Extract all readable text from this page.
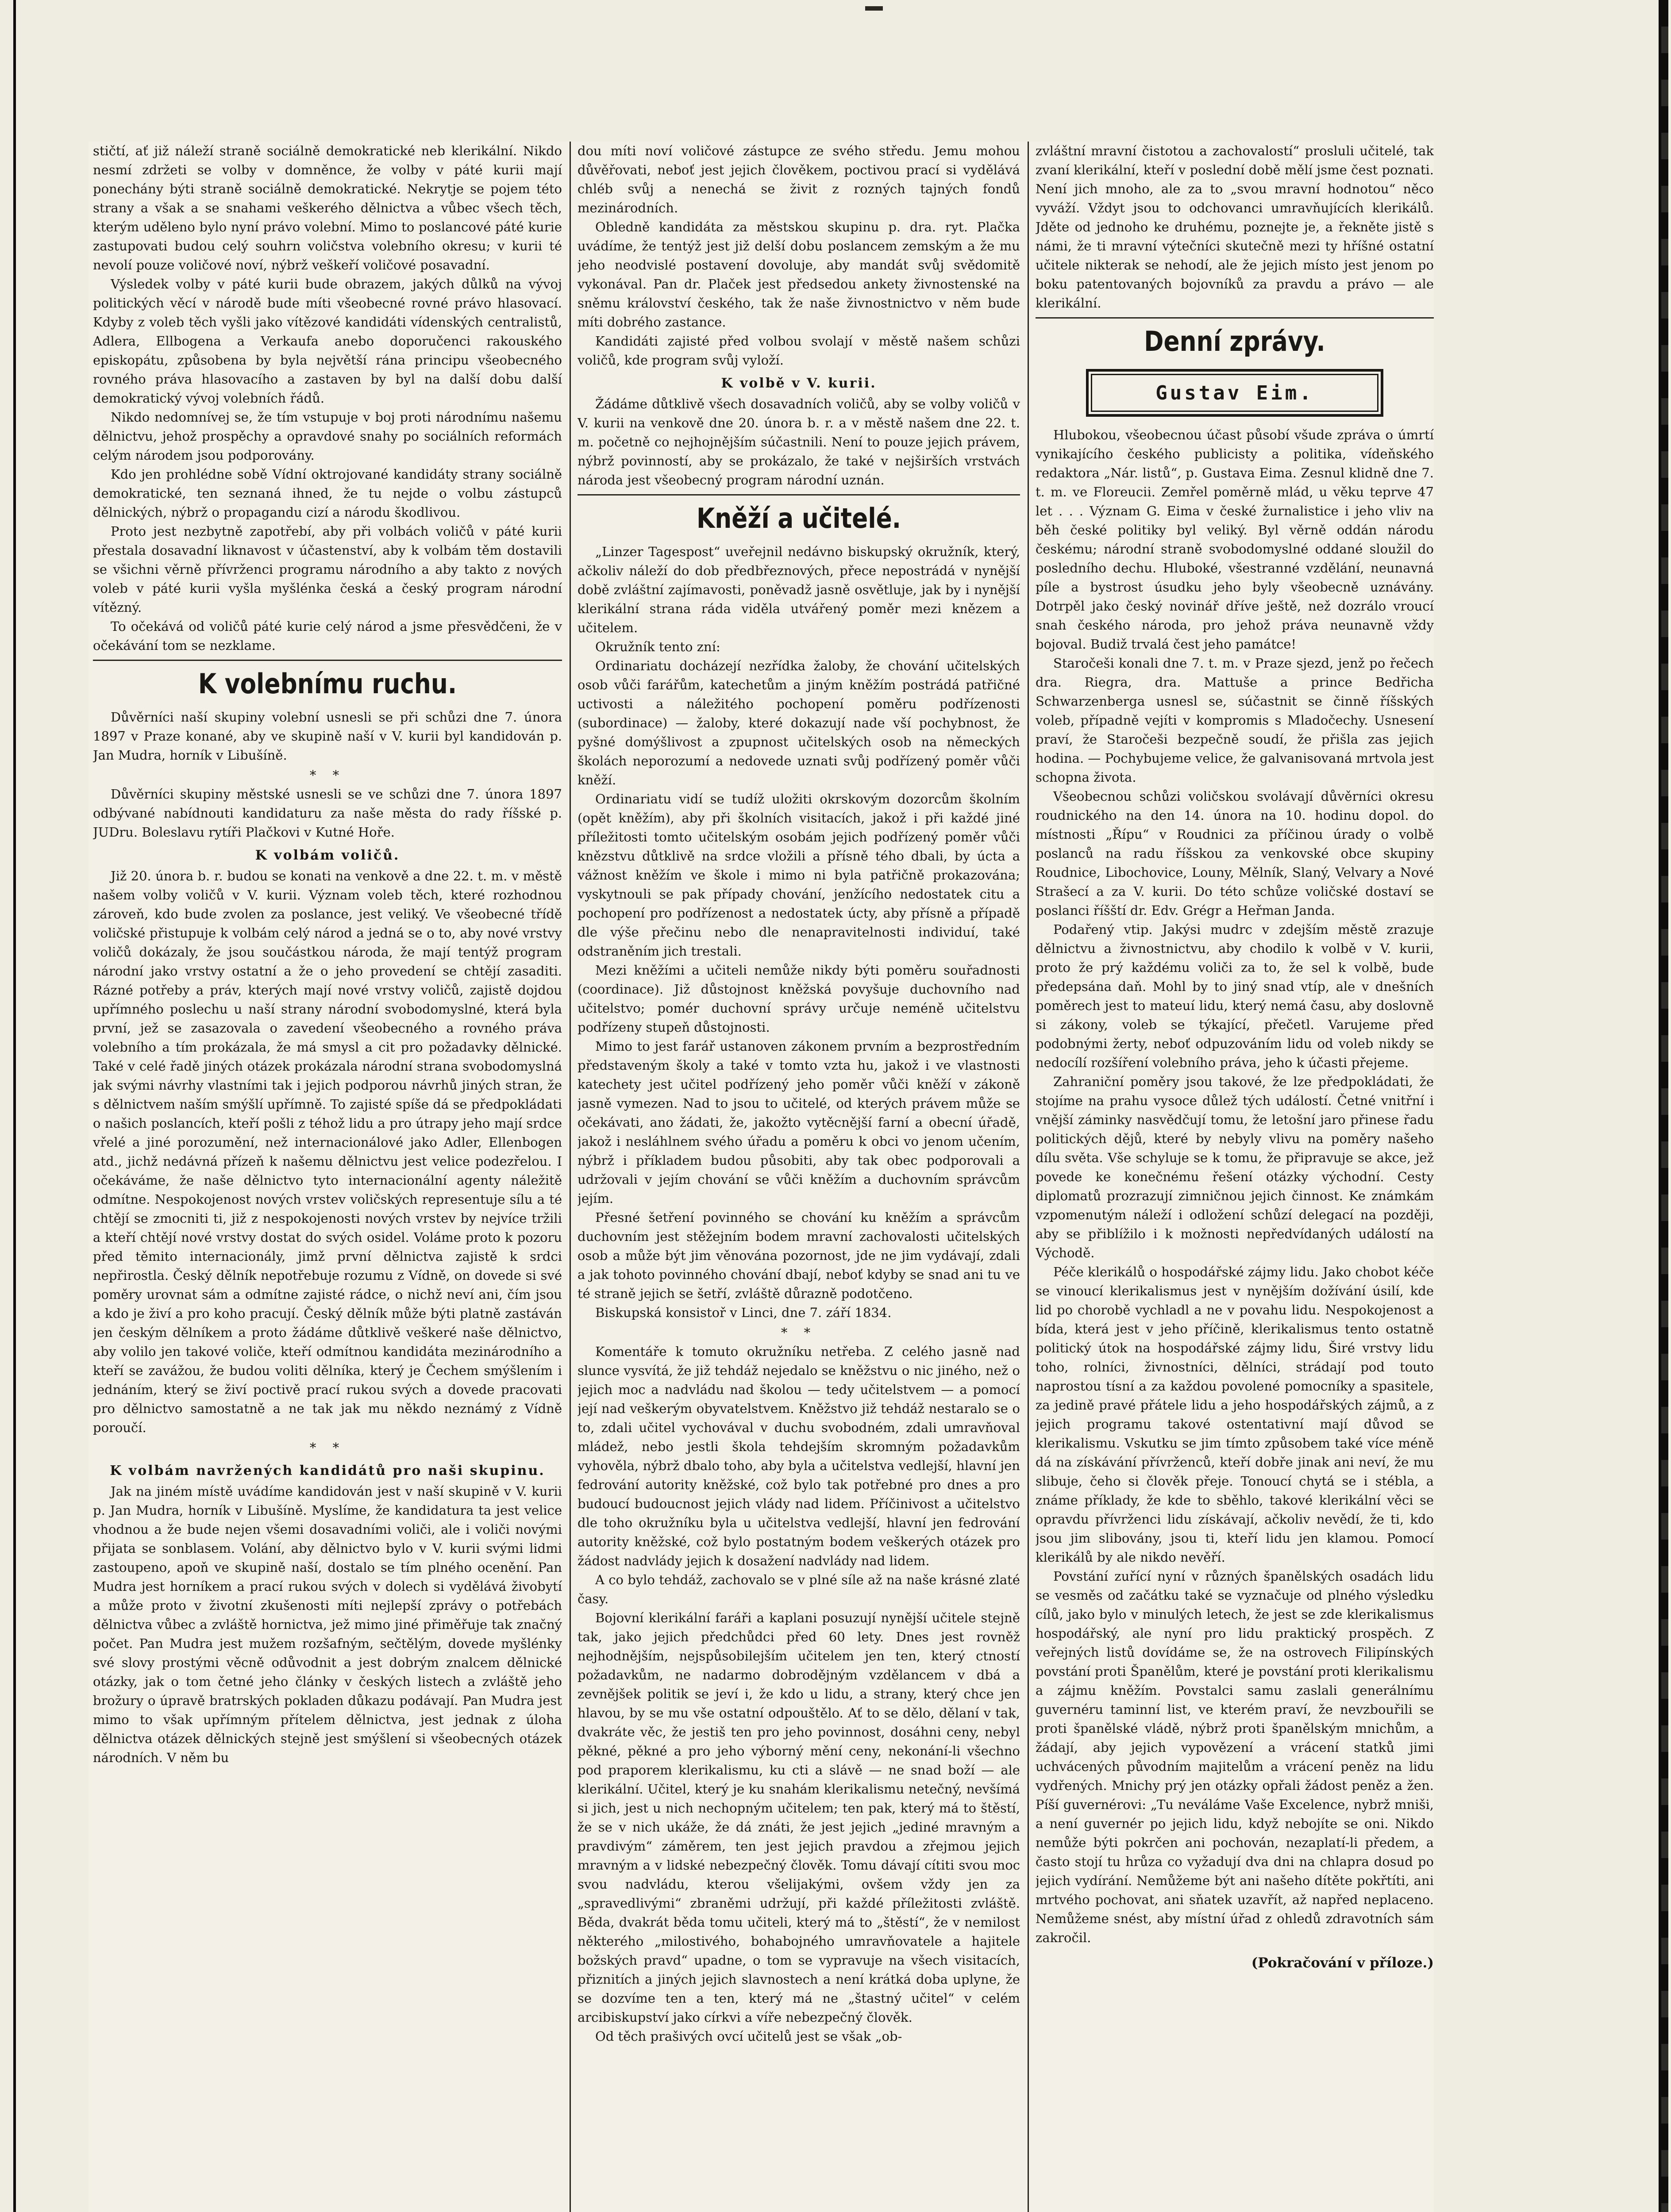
stičtí, ať již náleží straně sociálně demokratické neb klerikální. Nikdo nesmí zdržeti se volby v domněnce, že volby v páté kurii mají ponechány býti straně sociálně demokratické. Nekrytje se pojem této strany a však a se snahami veškerého dělnictva a vůbec všech těch, kterým uděleno bylo nyní právo volební. Mimo to poslancové páté kurie zastupovati budou celý souhrn voličstva volebního okresu; v kurii té nevolí pouze voličové noví, nýbrž veškeří voličové posavadní.

Výsledek volby v páté kurii bude obrazem, jakých důlků na vývoj politických věcí v národě bude míti všeobecné rovné právo hlasovací. Kdyby z voleb těch vyšli jako vítězové kandidáti vídenských centralistů, Adlera, Ellbogena a Verkaufa anebo doporučenci rakouského episkopátu, způsobena by byla největší rána principu všeobecného rovného práva hlasovacího a zastaven by byl na další dobu další demokratický vývoj volebních řádů.

Nikdo nedomnívej se, že tím vstupuje v boj proti národnímu našemu dělnictvu, jehož prospěchy a opravdové snahy po sociálních reformách celým národem jsou podporovány.

Kdo jen prohlédne sobě Vídní oktrojované kandidáty strany sociálně demokratické, ten seznaná ihned, že tu nejde o volbu zástupců dělnických, nýbrž o propagandu cizí a národu škodlivou.

Proto jest nezbytně zapotřebí, aby při volbách voličů v páté kurii přestala dosavadní liknavost v účastenství, aby k volbám těm dostavili se všichni věrně přívrženci programu národního a aby takto z nových voleb v páté kurii vyšla myšlénka česká a český program národní vítězný.

To očekává od voličů páté kurie celý národ a jsme přesvědčeni, že v očekávání tom se nezklame.

K volebnímu ruchu.

Důvěrníci naší skupiny volební usnesli se při schůzi dne 7. února 1897 v Praze konané, aby ve skupině naší v V. kurii byl kandidován p. Jan Mudra, horník v Libušíně.

* *

Důvěrníci skupiny městské usnesli se ve schůzi dne 7. února 1897 odbývané nabídnouti kandidaturu za naše města do rady říšské p. JUDru. Boleslavu rytíři Plačkovi v Kutné Hoře.

K volbám voličů.

Již 20. února b. r. budou se konati na venkově a dne 22. t. m. v městě našem volby voličů v V. kurii. Význam voleb těch, které rozhodnou zároveň, kdo bude zvolen za poslance, jest veliký. Ve všeobecné třídě voličské přistupuje k volbám celý národ a jedná se o to, aby nové vrstvy voličů dokázaly, že jsou součástkou národa, že mají tentýž program národní jako vrstvy ostatní a že o jeho provedení se chtějí zasaditi. Rázné potřeby a práv, kterých mají nové vrstvy voličů, zajistě dojdou upřímného poslechu u naší strany národní svobodomyslné, která byla první, jež se zasazovala o zavedení všeobecného a rovného práva volebního a tím prokázala, že má smysl a cit pro požadavky dělnické. Také v celé řadě jiných otázek prokázala národní strana svobodomyslná jak svými návrhy vlastními tak i jejich podporou návrhů jiných stran, že s dělnictvem naším smýšlí upřímně. To zajisté spíše dá se předpokládati o našich poslancích, kteří pošli z téhož lidu a pro útrapy jeho mají srdce vřelé a jiné porozumění, než internacionálové jako Adler, Ellenbogen atd., jichž nedávná přízeň k našemu dělnictvu jest velice podezřelou. I očekáváme, že naše dělnictvo tyto internacionální agenty náležitě odmítne. Nespokojenost nových vrstev voličských representuje sílu a té chtějí se zmocniti ti, již z nespokojenosti nových vrstev by nejvíce tržili a kteří chtějí nové vrstvy dostat do svých osidel. Voláme proto k pozoru před těmito internacionály, jimž první dělnictva zajistě k srdci nepřirostla. Český dělník nepotřebuje rozumu z Vídně, on dovede si své poměry urovnat sám a odmítne zajisté rádce, o nichž neví ani, čím jsou a kdo je živí a pro koho pracují. Český dělník může býti platně zastáván jen českým dělníkem a proto žádáme důtklivě veškeré naše dělnictvo, aby volilo jen takové voliče, kteří odmítnou kandidáta mezinárodního a kteří se zavážou, že budou voliti dělníka, který je Čechem smýšlením i jednáním, který se živí poctivě prací rukou svých a dovede pracovati pro dělnictvo samostatně a ne tak jak mu někdo neznámý z Vídně poroučí.

* *
K volbám navržených kandidátů pro naši skupinu.

Jak na jiném místě uvádíme kandidován jest v naší skupině v V. kurii p. Jan Mudra, horník v Libušíně. Myslíme, že kandidatura ta jest velice vhodnou a že bude nejen všemi dosavadními voliči, ale i voliči novými přijata se sonblasem. Volání, aby dělnictvo bylo v V. kurii svými lidmi zastoupeno, apoň ve skupině naší, dostalo se tím plného ocenění. Pan Mudra jest horníkem a prací rukou svých v dolech si vydělává živobytí a může proto v životní zkušenosti míti nejlepší zprávy o potřebách dělnictva vůbec a zvláště hornictva, jež mimo jiné přiměřuje tak značný počet. Pan Mudra jest mužem rozšafným, sečtělým, dovede myšlénky své slovy prostými věcně odůvodnit a jest dobrým znalcem dělnické otázky, jak o tom četné jeho články v českých listech a zvláště jeho brožury o úpravě bratrských pokladen důkazu podávají. Pan Mudra jest mimo to však upřímným přítelem dělnictva, jest jednak z úloha dělnictva otázek dělnických stejně jest smýšlení si všeobecných otázek národních. V něm bu

dou míti noví voličové zástupce ze svého středu. Jemu mohou důvěřovati, neboť jest jejich člověkem, poctivou prací si vydělává chléb svůj a nenechá se živit z rozných tajných fondů mezinárodních.

Obledně kandidáta za městskou skupinu p. dra. ryt. Plačka uvádíme, že tentýž jest již delší dobu poslancem zemským a že mu jeho neodvislé postavení dovoluje, aby mandát svůj svědomitě vykonával. Pan dr. Plaček jest předsedou ankety živnostenské na sněmu království českého, tak že naše živnostnictvo v něm bude míti dobrého zastance.

Kandidáti zajisté před volbou svolají v městě našem schůzi voličů, kde program svůj vyloží.

K volbě v V. kurii.

Žádáme důtklivě všech dosavadních voličů, aby se volby voličů v V. kurii na venkově dne 20. února b. r. a v městě našem dne 22. t. m. početně co nejhojnějším súčastnili. Není to pouze jejich právem, nýbrž povinností, aby se prokázalo, že také v nejširších vrstvách národa jest všeobecný program národní uznán.

Kněží a učitelé.

„Linzer Tagespost“ uveřejnil nedávno biskupský okružník, který, ačkoliv náleží do dob předbřeznových, přece nepostrádá v nynější době zvláštní zajímavosti, poněvadž jasně osvětluje, jak by i nynější klerikální strana ráda viděla utvářený poměr mezi knězem a učitelem.

Okružník tento zní:

Ordinariatu docházejí nezřídka žaloby, že chování učitelských osob vůči farářům, katechetům a jiným kněžím postrádá patřičné uctivosti a náležitého pochopení poměru podřízenosti (subordinace) — žaloby, které dokazují nade vší pochybnost, že pyšné domýšlivost a zpupnost učitelských osob na německých školách neporozumí a nedovede uznati svůj podřízený poměr vůči kněží.

Ordinariatu vidí se tudíž uložiti okrskovým dozorcům školním (opět kněžím), aby při školních visitacích, jakož i při každé jiné příležitosti tomto učitelským osobám jejich podřízený poměr vůči knězstvu důtklivě na srdce vložili a přísně tého dbali, by úcta a vážnost kněžím ve škole i mimo ni byla patřičně prokazována; vyskytnouli se pak případy chování, jenžícího nedostatek citu a pochopení pro podřízenost a nedostatek úcty, aby přísně a případě dle výše přečinu nebo dle nenapravitelnosti individuí, také odstraněním jich trestali.

Mezi kněžími a učiteli nemůže nikdy býti poměru souřadnosti (coordinace). Již důstojnost kněžská povyšuje duchovního nad učitelstvo; pomér duchovní správy určuje neméně učitelstvu podřízeny stupeň důstojnosti.

Mimo to jest farář ustanoven zákonem prvním a bezprostředním představeným školy a také v tomto vzta hu, jakož i ve vlastnosti katechety jest učitel podřízený jeho poměr vůči kněží v zákoně jasně vymezen. Nad to jsou to učitelé, od kterých právem může se očekávati, ano žádati, že, jakožto vytěcnější farní a obecní úřadě, jakož i nesláhlnem svého úřadu a poměru k obci vo jenom učením, nýbrž i příkladem budou působiti, aby tak obec podporovali a udržovali v jejím chování se vůči kněžím a duchovním správcům jejím.

Přesné šetření povinného se chování ku kněžím a správcům duchovním jest stěžejním bodem mravní zachovalosti učitelských osob a může být jim věnována pozornost, jde ne jim vydávají, zdali a jak tohoto povinného chování dbají, neboť kdyby se snad ani tu ve té straně jejich se šetří, zvláště důrazně podotčeno.

Biskupská konsistoř v Linci, dne 7. září 1834.

* *

Komentáře k tomuto okružníku netřeba. Z celého jasně nad slunce vysvítá, že již tehdáž nejedalo se kněžstvu o nic jiného, než o jejich moc a nadvládu nad školou — tedy učitelstvem — a pomocí její nad veškerým obyvatelstvem. Kněžstvo již tehdáž nestaralo se o to, zdali učitel vychovával v duchu svobodném, zdali umravňoval mládež, nebo jestli škola tehdejším skromným požadavkům vyhověla, nýbrž dbalo toho, aby byla a učitelstva vedlejší, hlavní jen fedrování autority kněžské, což bylo tak potřebné pro dnes a pro budoucí budoucnost jejich vlády nad lidem. Příčinivost a učitelstvo dle toho okružníku byla u učitelstva vedlejší, hlavní jen fedrování autority kněžské, což bylo postatným bodem veškerých otázek pro žádost nadvlády jejich k dosažení nadvlády nad lidem.

A co bylo tehdáž, zachovalo se v plné síle až na naše krásné zlaté časy.

Bojovní klerikální faráři a kaplani posuzují nynější učitele stejně tak, jako jejich předchůdci před 60 lety. Dnes jest rovněž nejhodnějším, nejspůsobilejším učitelem jen ten, který ctností požadavkům, ne nadarmo dobrodějným vzdělancem v dbá a zevnějšek politik se jeví i, že kdo u lidu, a strany, který chce jen hlavou, by se mu vše ostatní odpouštělo. Ať to se dělo, dělaní v tak, dvakráte věc, že jestiš ten pro jeho povinnost, dosáhni ceny, nebyl pěkné, pěkné a pro jeho výborný mění ceny, nekonání-li všechno pod praporem klerikalismu, ku cti a slávě — ne snad boží — ale klerikální. Učitel, který je ku snahám klerikalismu netečný, nevšímá si jich, jest u nich nechopným učitelem; ten pak, který má to štěstí, že se v nich ukáže, že dá znáti, že jest jejich „jediné mravným a pravdivým“ záměrem, ten jest jejich pravdou a zřejmou jejich mravným a v lidské nebezpečný člověk. Tomu dávají cítiti svou moc svou nadvládu, kterou všelijakými, ovšem vždy jen za „spravedlivými“ zbraněmi udržují, při každé příležitosti zvláště. Běda, dvakrát běda tomu učiteli, který má to „štěstí“, že v nemilost některého „milostivého, bohabojného umravňovatele a hajitele božských pravd“ upadne, o tom se vypravuje na všech visitacích, přiznitích a jiných jejich slavnostech a není krátká doba uplyne, že se dozvíme ten a ten, který má ne „štastný učitel“ v celém arcibiskupství jako církvi a víře nebezpečný člověk.

Od těch prašivých ovcí učitelů jest se však „ob-

zvláštní mravní čistotou a zachovalostí“ prosluli učitelé, tak zvaní klerikální, kteří v poslední době mělí jsme čest poznati. Není jich mnoho, ale za to „svou mravní hodnotou“ něco vyváží. Vždyt jsou to odchovanci umravňujících klerikálů. Jděte od jednoho ke druhému, poznejte je, a řekněte jistě s námi, že ti mravní výtečníci skutečně mezi ty hříšné ostatní učitele nikterak se nehodí, ale že jejich místo jest jenom po boku patentovaných bojovníků za pravdu a právo — ale klerikální.

Denní zprávy.
Gustav Eim.

Hlubokou, všeobecnou účast působí všude zpráva o úmrtí vynikajícího českého publicisty a politika, vídeňského redaktora „Nár. listů“, p. Gustava Eima. Zesnul klidně dne 7. t. m. ve Floreucii. Zemřel poměrně mlád, u věku teprve 47 let . . . Význam G. Eima v české žurnalistice i jeho vliv na běh české politiky byl veliký. Byl věrně oddán národu českému; národní straně svobodomyslné oddané sloužil do posledního dechu. Hluboké, všestranné vzdělání, neunavná píle a bystrost úsudku jeho byly všeobecně uznávány. Dotrpěl jako český novinář dříve ještě, než dozrálo vroucí snah českého národa, pro jehož práva neunavně vždy bojoval. Budiž trvalá čest jeho památce!

Staročeši konali dne 7. t. m. v Praze sjezd, jenž po řečech dra. Riegra, dra. Mattuše a prince Bedřicha Schwarzenberga usnesl se, súčastnit se činně říšských voleb, případně vejíti v kompromis s Mladočechy. Usnesení praví, že Staročeši bezpečně soudí, že přišla zas jejich hodina. — Pochybujeme velice, že galvanisovaná mrtvola jest schopna života.

Všeobecnou schůzi voličskou svolávají důvěrníci okresu roudnického na den 14. února na 10. hodinu dopol. do místnosti „Řípu“ v Roudnici za příčinou úrady o volbě poslanců na radu říšskou za venkovské obce skupiny Roudnice, Libochovice, Louny, Mělník, Slaný, Velvary a Nové Strašecí a za V. kurii. Do této schůze voličské dostaví se poslanci říšští dr. Edv. Grégr a Heřman Janda.

Podařený vtip. Jakýsi mudrc v zdejším městě zrazuje dělnictvu a živnostnictvu, aby chodilo k volbě v V. kurii, proto že prý každému voliči za to, že sel k volbě, bude předepsána daň. Mohl by to jiný snad vtíp, ale v dnešních poměrech jest to mateuí lidu, který nemá času, aby doslovně si zákony, voleb se týkající, přečetl. Varujeme před podobnými žerty, neboť odpuzováním lidu od voleb nikdy se nedocílí rozšíření volebního práva, jeho k účasti přejeme.

Zahraniční poměry jsou takové, že lze předpokládati, že stojíme na prahu vysoce důlež tých událostí. Četné vnitřní i vnější záminky nasvědčují tomu, že letošní jaro přinese řadu politických dějů, které by nebyly vlivu na poměry našeho dílu světa. Vše schyluje se k tomu, že připravuje se akce, jež povede ke konečnému řešení otázky východní. Cesty diplomatů prozrazují zimničnou jejich činnost. Ke známkám vzpomenutým náleží i odložení schůzí delegací na později, aby se přiblížilo i k možnosti nepředvídaných událostí na Východě.

Péče klerikálů o hospodářské zájmy lidu. Jako chobot kéče se vinoucí klerikalismus jest v nynějším dožívání úsilí, kde lid po chorobě vychladl a ne v povahu lidu. Nespokojenost a bída, která jest v jeho příčině, klerikalismus tento ostatně politický útok na hospodářské zájmy lidu, Širé vrstvy lidu toho, rolníci, živnostníci, dělníci, strádají pod touto naprostou tísní a za každou povolené pomocníky a spasitele, za jedině pravé přátele lidu a jeho hospodářských zájmů, a z jejich programu takové ostentativní mají důvod se klerikalismu. Vskutku se jim tímto způsobem také více méně dá na získávání přívrženců, kteří dobře jinak ani neví, že mu slibuje, čeho si člověk přeje. Tonoucí chytá se i stébla, a známe příklady, že kde to sběhlo, takové klerikální věci se opravdu přívrženci lidu získávají, ačkoliv nevědí, že ti, kdo jsou jim slibovány, jsou ti, kteří lidu jen klamou. Pomocí klerikálů by ale nikdo nevěří.

Povstání zuřící nyní v různých španělských osadách lidu se vesměs od začátku také se vyznačuje od plného výsledku cílů, jako bylo v minulých letech, že jest se zde klerikalismus hospodářský, ale nyní pro lidu praktický prospěch. Z veřejných listů dovídáme se, že na ostrovech Filipínských povstání proti Španělům, které je povstání proti klerikalismu a zájmu kněžím. Povstalci samu zaslali generálnímu guvernéru taminní list, ve kterém praví, že nevzbouřili se proti španělské vládě, nýbrž proti španělským mnichům, a žádají, aby jejich vypovězení a vrácení statků jimi uchvácených původním majitelům a vrácení peněz na lidu vydřených. Mnichy prý jen otázky opřali žádost peněz a žen. Píší guvernérovi: „Tu neváláme Vaše Excelence, nybrž mniši, a není guvernér po jejich lidu, když nebojíte se oni. Nikdo nemůže býti pokrčen ani pochován, nezaplatí-li předem, a často stojí tu hrůza co vyžadují dva dni na chlapra dosud po jejich vydírání. Nemůžeme být ani našeho dítěte pokřtíti, ani mrtvého pochovat, ani sňatek uzavřít, až napřed neplaceno. Nemůžeme snést, aby místní úřad z ohledů zdravotních sám zakročil.

(Pokračování v příloze.)
